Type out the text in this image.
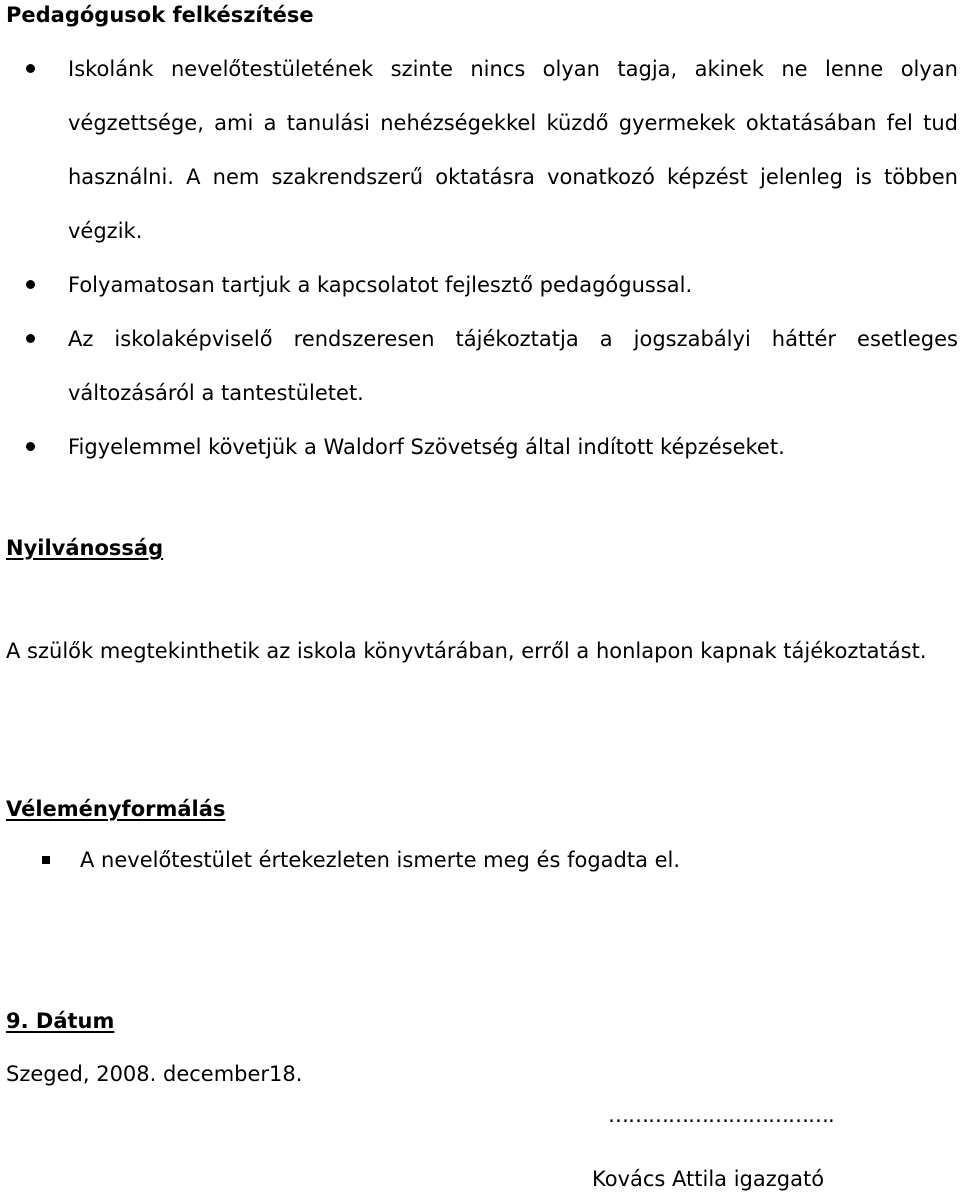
Pedagógusok felkészítése
Iskolánk nevelőtestületének szinte nincs olyan tagja, akinek ne lenne olyan végzettsége, ami a tanulási nehézségekkel küzdő gyermekek oktatásában fel tud használni. A nem szakrendszerű oktatásra vonatkozó képzést jelenleg is többen végzik.
Folyamatosan tartjuk a kapcsolatot fejlesztő pedagógussal.
Az iskolaképviselő rendszeresen tájékoztatja a jogszabályi háttér esetleges változásáról a tantestületet.
Figyelemmel követjük a Waldorf Szövetség által indított képzéseket.
Nyilvánosság
A szülők megtekinthetik az iskola könyvtárában, erről a honlapon kapnak tájékoztatást.
Véleményformálás
A nevelőtestület értekezleten ismerte meg és fogadta el.
9. Dátum
Szeged, 2008. december18.
…………………………….
Kovács Attila igazgató
